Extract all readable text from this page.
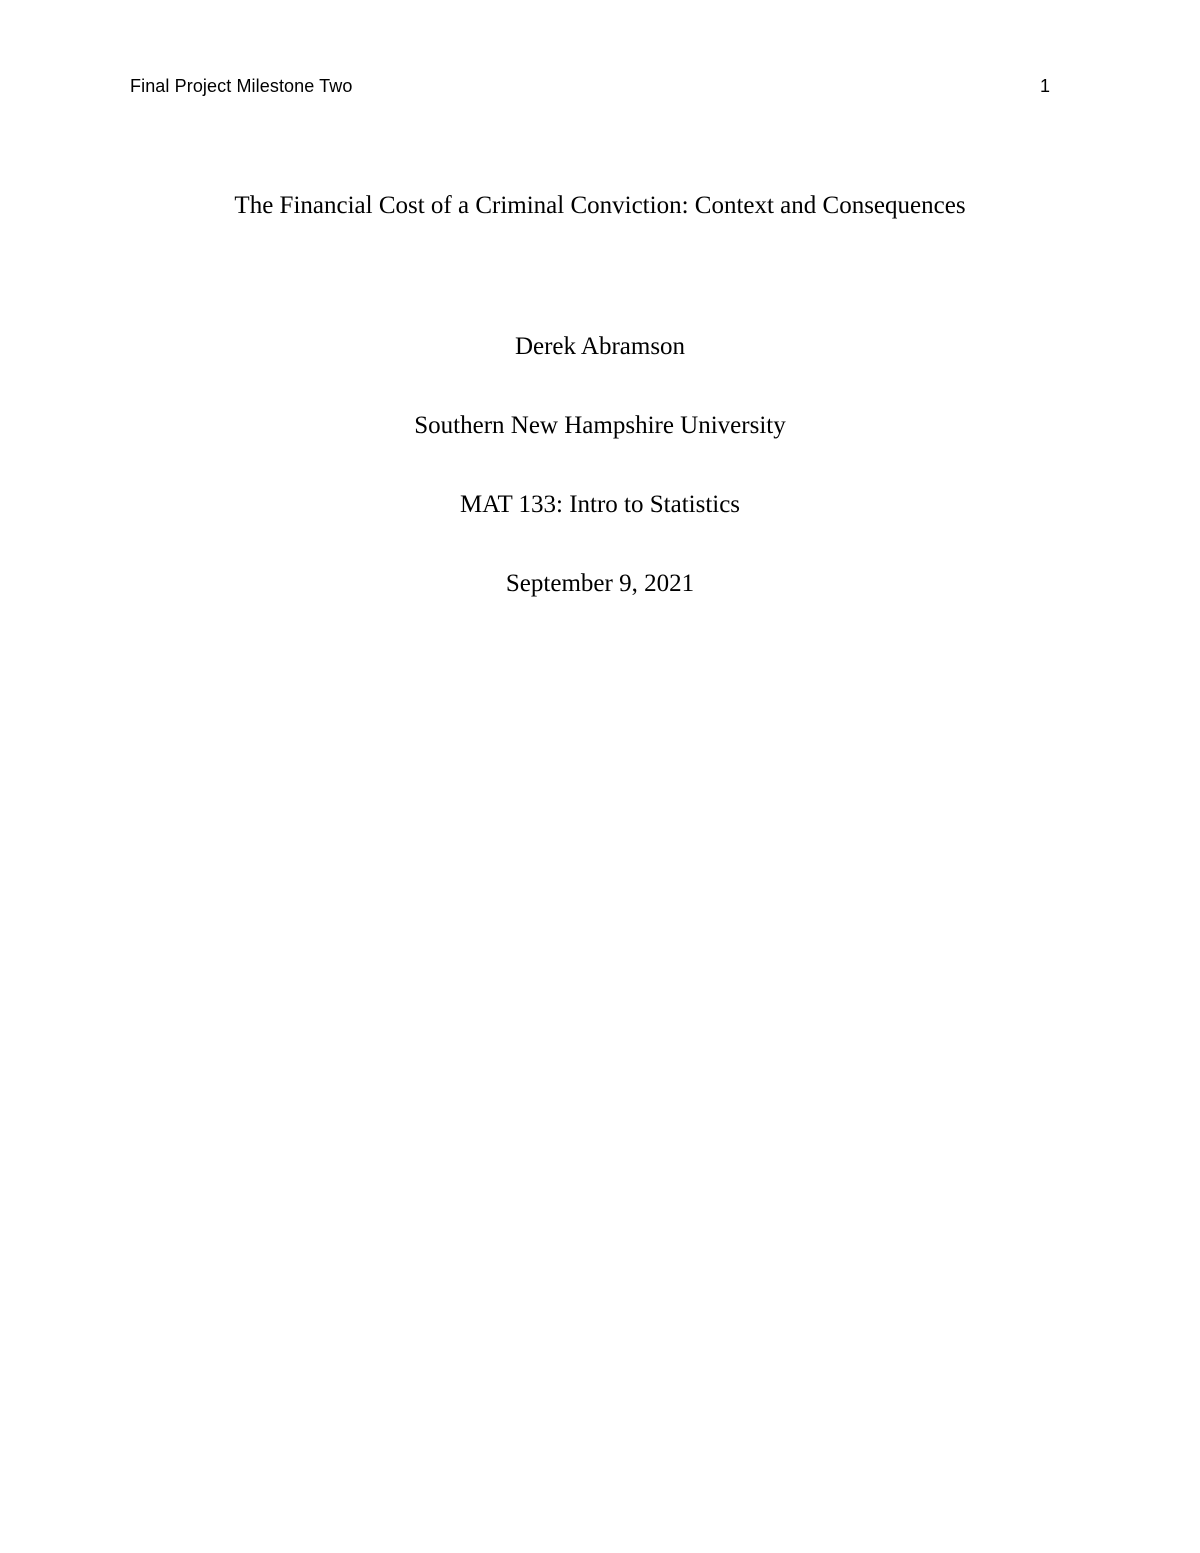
Final Project Milestone Two	1
The Financial Cost of a Criminal Conviction: Context and Consequences
Derek Abramson
Southern New Hampshire University
MAT 133: Intro to Statistics
September 9, 2021
